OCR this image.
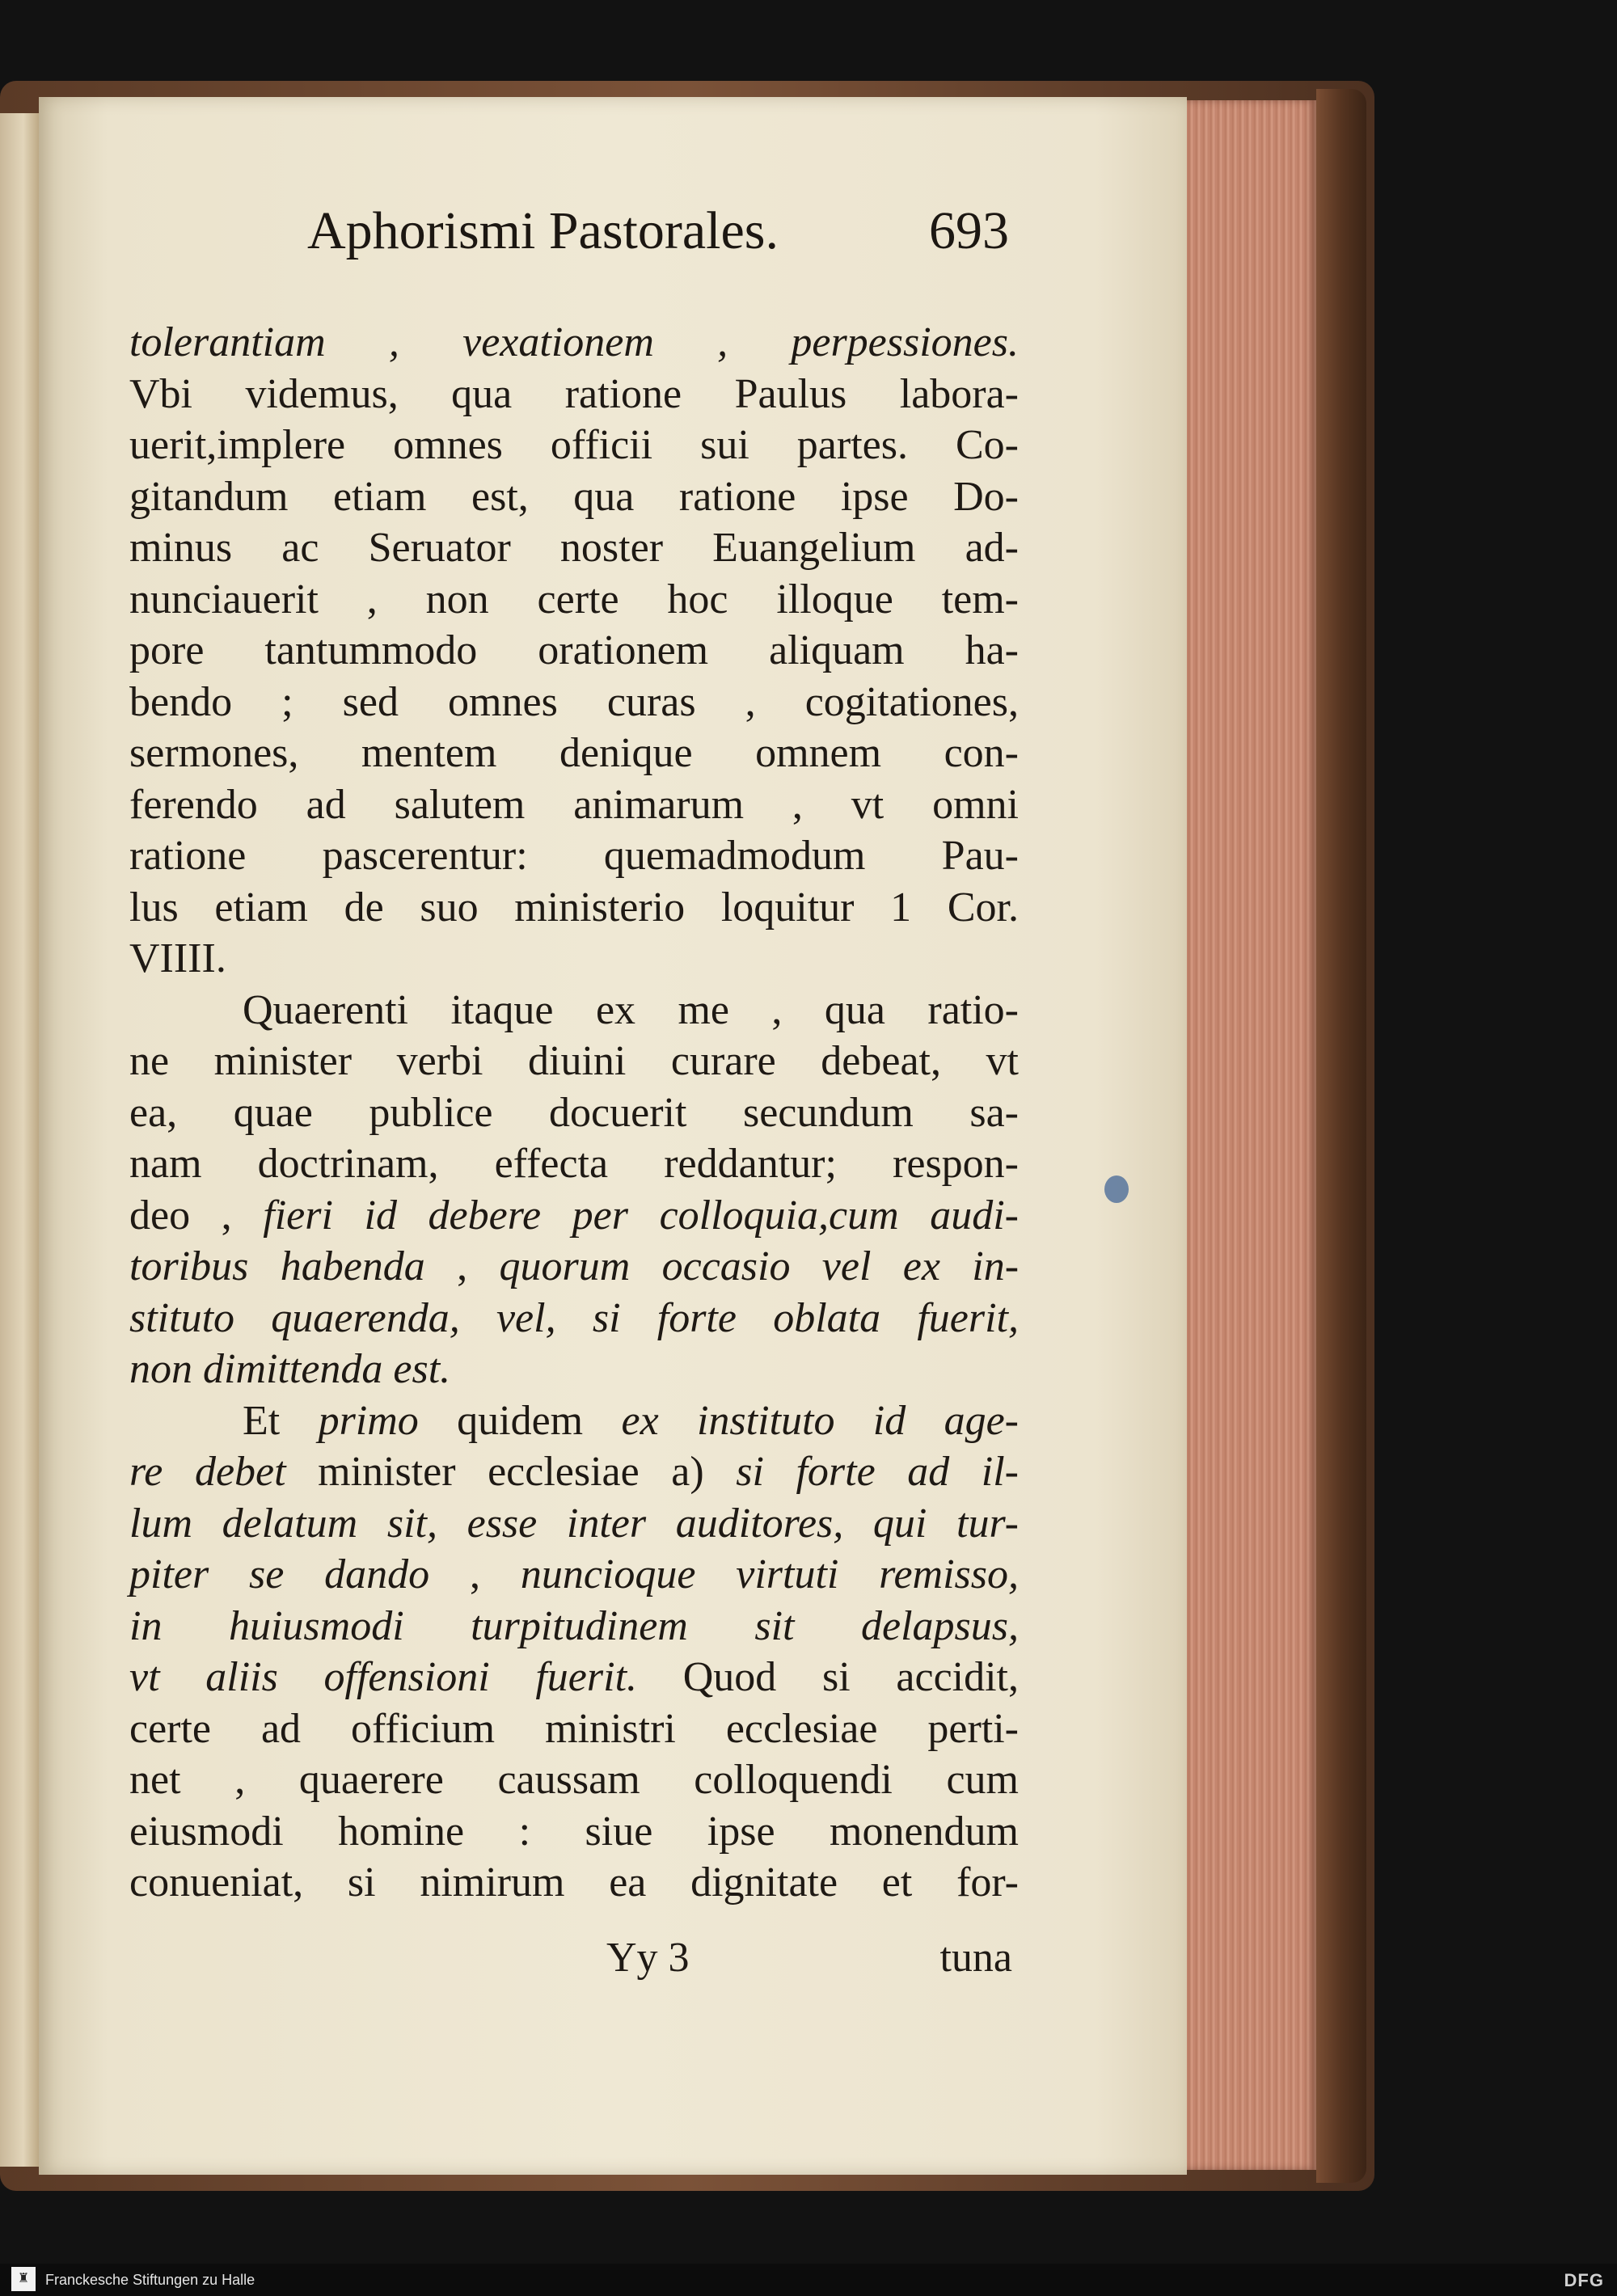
Aphorismi Pastorales.	693
tolerantiam , vexationem , perpessiones.
Vbi videmus, qua ratione Paulus labora-
uerit,implere omnes officii sui partes. Co-
gitandum etiam est, qua ratione ipse Do-
minus ac Seruator noster Euangelium ad-
nunciauerit , non certe hoc illoque tem-
pore tantummodo orationem aliquam ha-
bendo ; sed omnes curas , cogitationes,
sermones, mentem denique omnem con-
ferendo ad salutem animarum , vt omni
ratione pascerentur: quemadmodum Pau-
lus etiam de suo ministerio loquitur 1 Cor.
VIIII.
Quaerenti itaque ex me , qua ratio-
ne minister verbi diuini curare debeat, vt
ea, quae publice docuerit secundum sa-
nam doctrinam, effecta reddantur; respon-
deo , fieri id debere per colloquia,cum audi-
toribus habenda , quorum occasio vel ex in-
stituto quaerenda, vel, si forte oblata fuerit,
non dimittenda est.
Et primo quidem ex instituto id age-
re debet minister ecclesiae a) si forte ad il-
lum delatum sit, esse inter auditores, qui tur-
piter se dando , nuncioque virtuti remisso,
in huiusmodi turpitudinem sit delapsus,
vt aliis offensioni fuerit. Quod si accidit,
certe ad officium ministri ecclesiae perti-
net , quaerere caussam colloquendi cum
eiusmodi homine : siue ipse monendum
conueniat, si nimirum ea dignitate et for-
Yy 3	tuna
♜	Franckesche Stiftungen zu Halle	DFG
